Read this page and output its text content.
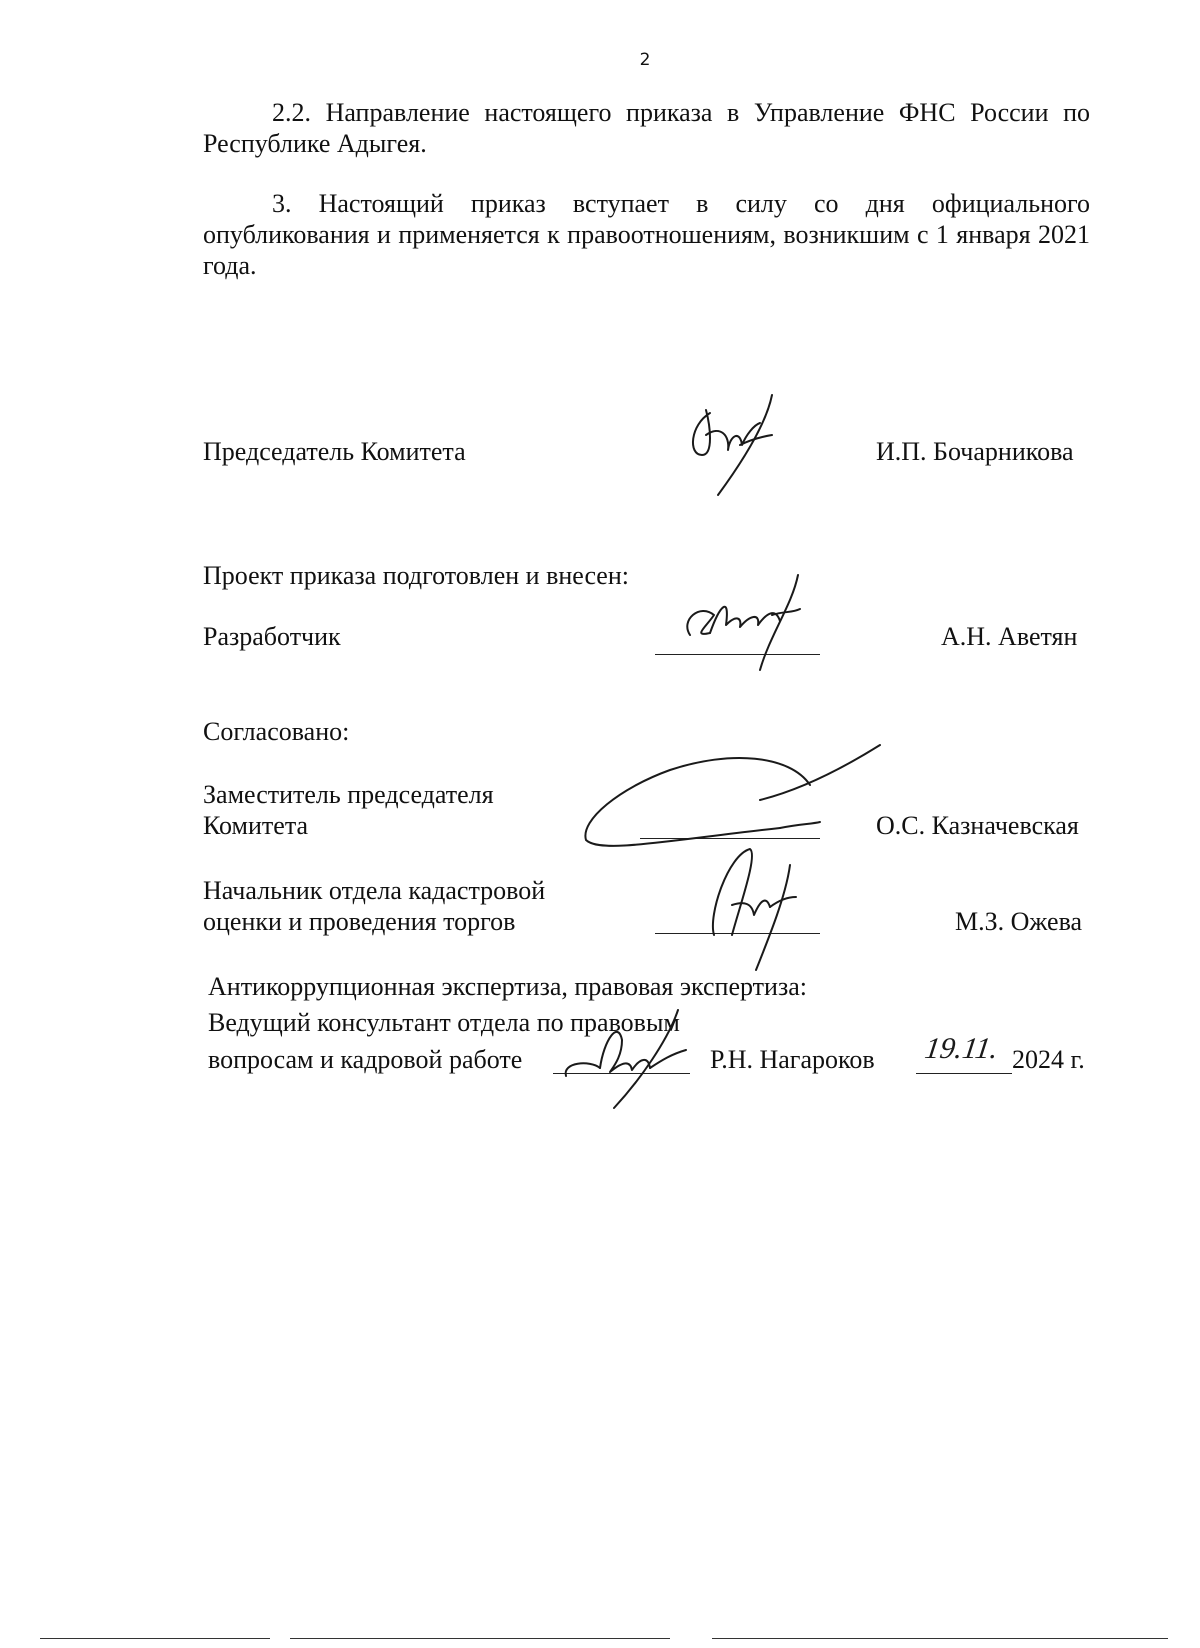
2
2.2. Направление настоящего приказа в Управление ФНС России по Республике Адыгея.
3. Настоящий приказ вступает в силу со дня официального опубликования и применяется к правоотношениям, возникшим с 1 января 2021 года.
Председатель Комитета	И.П. Бочарникова
Проект приказа подготовлен и внесен:
Разработчик	А.Н. Аветян
Согласовано:
Заместитель председателя
Комитета	О.С. Казначевская
Начальник отдела кадастровой
оценки и проведения торгов	М.З. Ожева
Антикоррупционная экспертиза, правовая экспертиза:
Ведущий консультант отдела по правовым
вопросам и кадровой работе	Р.Н. Нагароков 19.11. 2024 г.
